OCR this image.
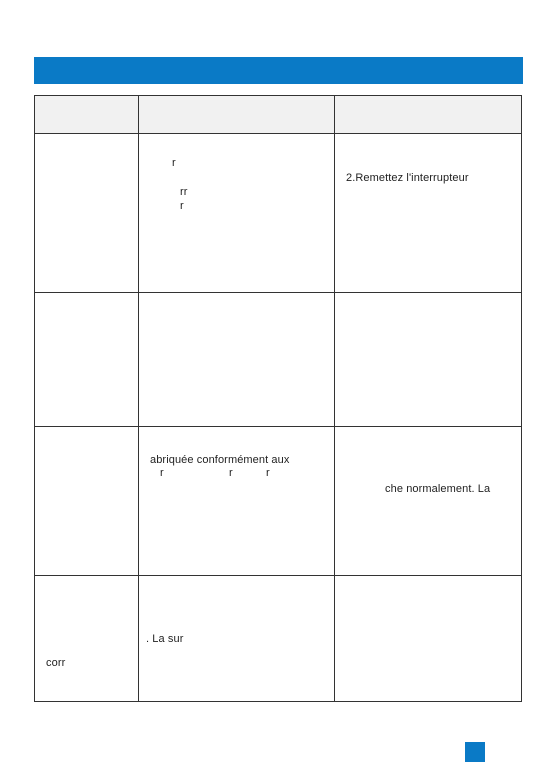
r
rr
r
2.Remettez l'interrupteur
abriquée conformément aux
r	r	r
che normalement. La
corr
. La sur
